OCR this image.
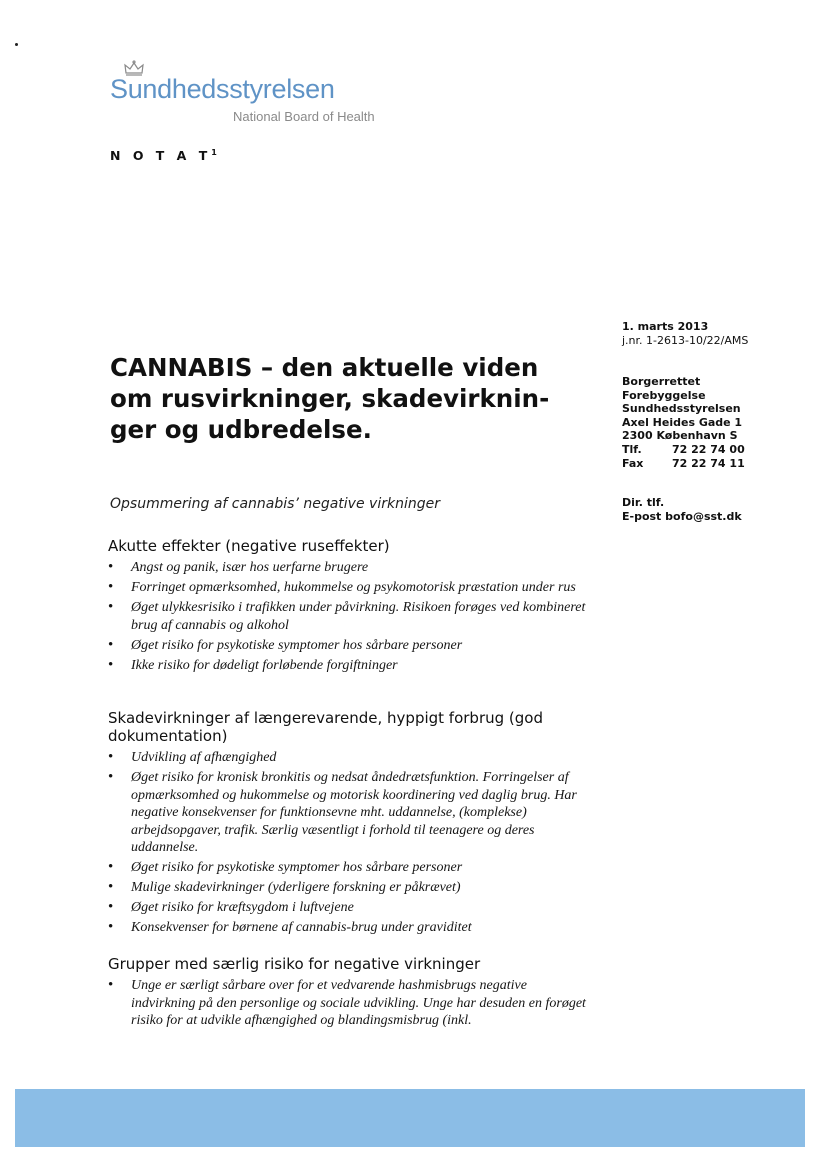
Sundhedsstyrelsen
National Board of Health
N O T A $T^1$
1. marts 2013
j.nr. 1-2613-10/22/AMS
Borgerrettet
Forebyggelse
Sundhedsstyrelsen
Axel Heides Gade 1
2300 København S
Tlf.	72 22 74 00
Fax	72 22 74 11
Dir. tlf.
E-post bofo@sst.dk
CANNABIS – den aktuelle viden om rusvirkninger, skadevirkninger og udbredelse.
Opsummering af cannabis’ negative virkninger
Akutte effekter (negative ruseffekter)
• Angst og panik, især hos uerfarne brugere
• Forringet opmærksomhed, hukommelse og psykomotorisk præstation under rus
• Øget ulykkesrisiko i trafikken under påvirkning. Risikoen forøges ved kombineret brug af cannabis og alkohol
• Øget risiko for psykotiske symptomer hos sårbare personer
• Ikke risiko for dødeligt forløbende forgiftninger
Skadevirkninger af længerevarende, hyppigt forbrug (god dokumentation)
• Udvikling af afhængighed
• Øget risiko for kronisk bronkitis og nedsat åndedrætsfunktion. Forringelser af opmærksomhed og hukommelse og motorisk koordinering ved daglig brug. Har negative konsekvenser for funktionsevne mht. uddannelse, (komplekse) arbejdsopgaver, trafik. Særlig væsentligt i forhold til teenagere og deres uddannelse.
• Øget risiko for psykotiske symptomer hos sårbare personer
• Mulige skadevirkninger (yderligere forskning er påkrævet)
• Øget risiko for kræftsygdom i luftvejene
• Konsekvenser for børnene af cannabis-brug under graviditet
Grupper med særlig risiko for negative virkninger
• Unge er særligt sårbare over for et vedvarende hashmisbrugs negative indvirkning på den personlige og sociale udvikling. Unge har desuden en forøget risiko for at udvikle afhængighed og blandingsmisbrug (inkl.
